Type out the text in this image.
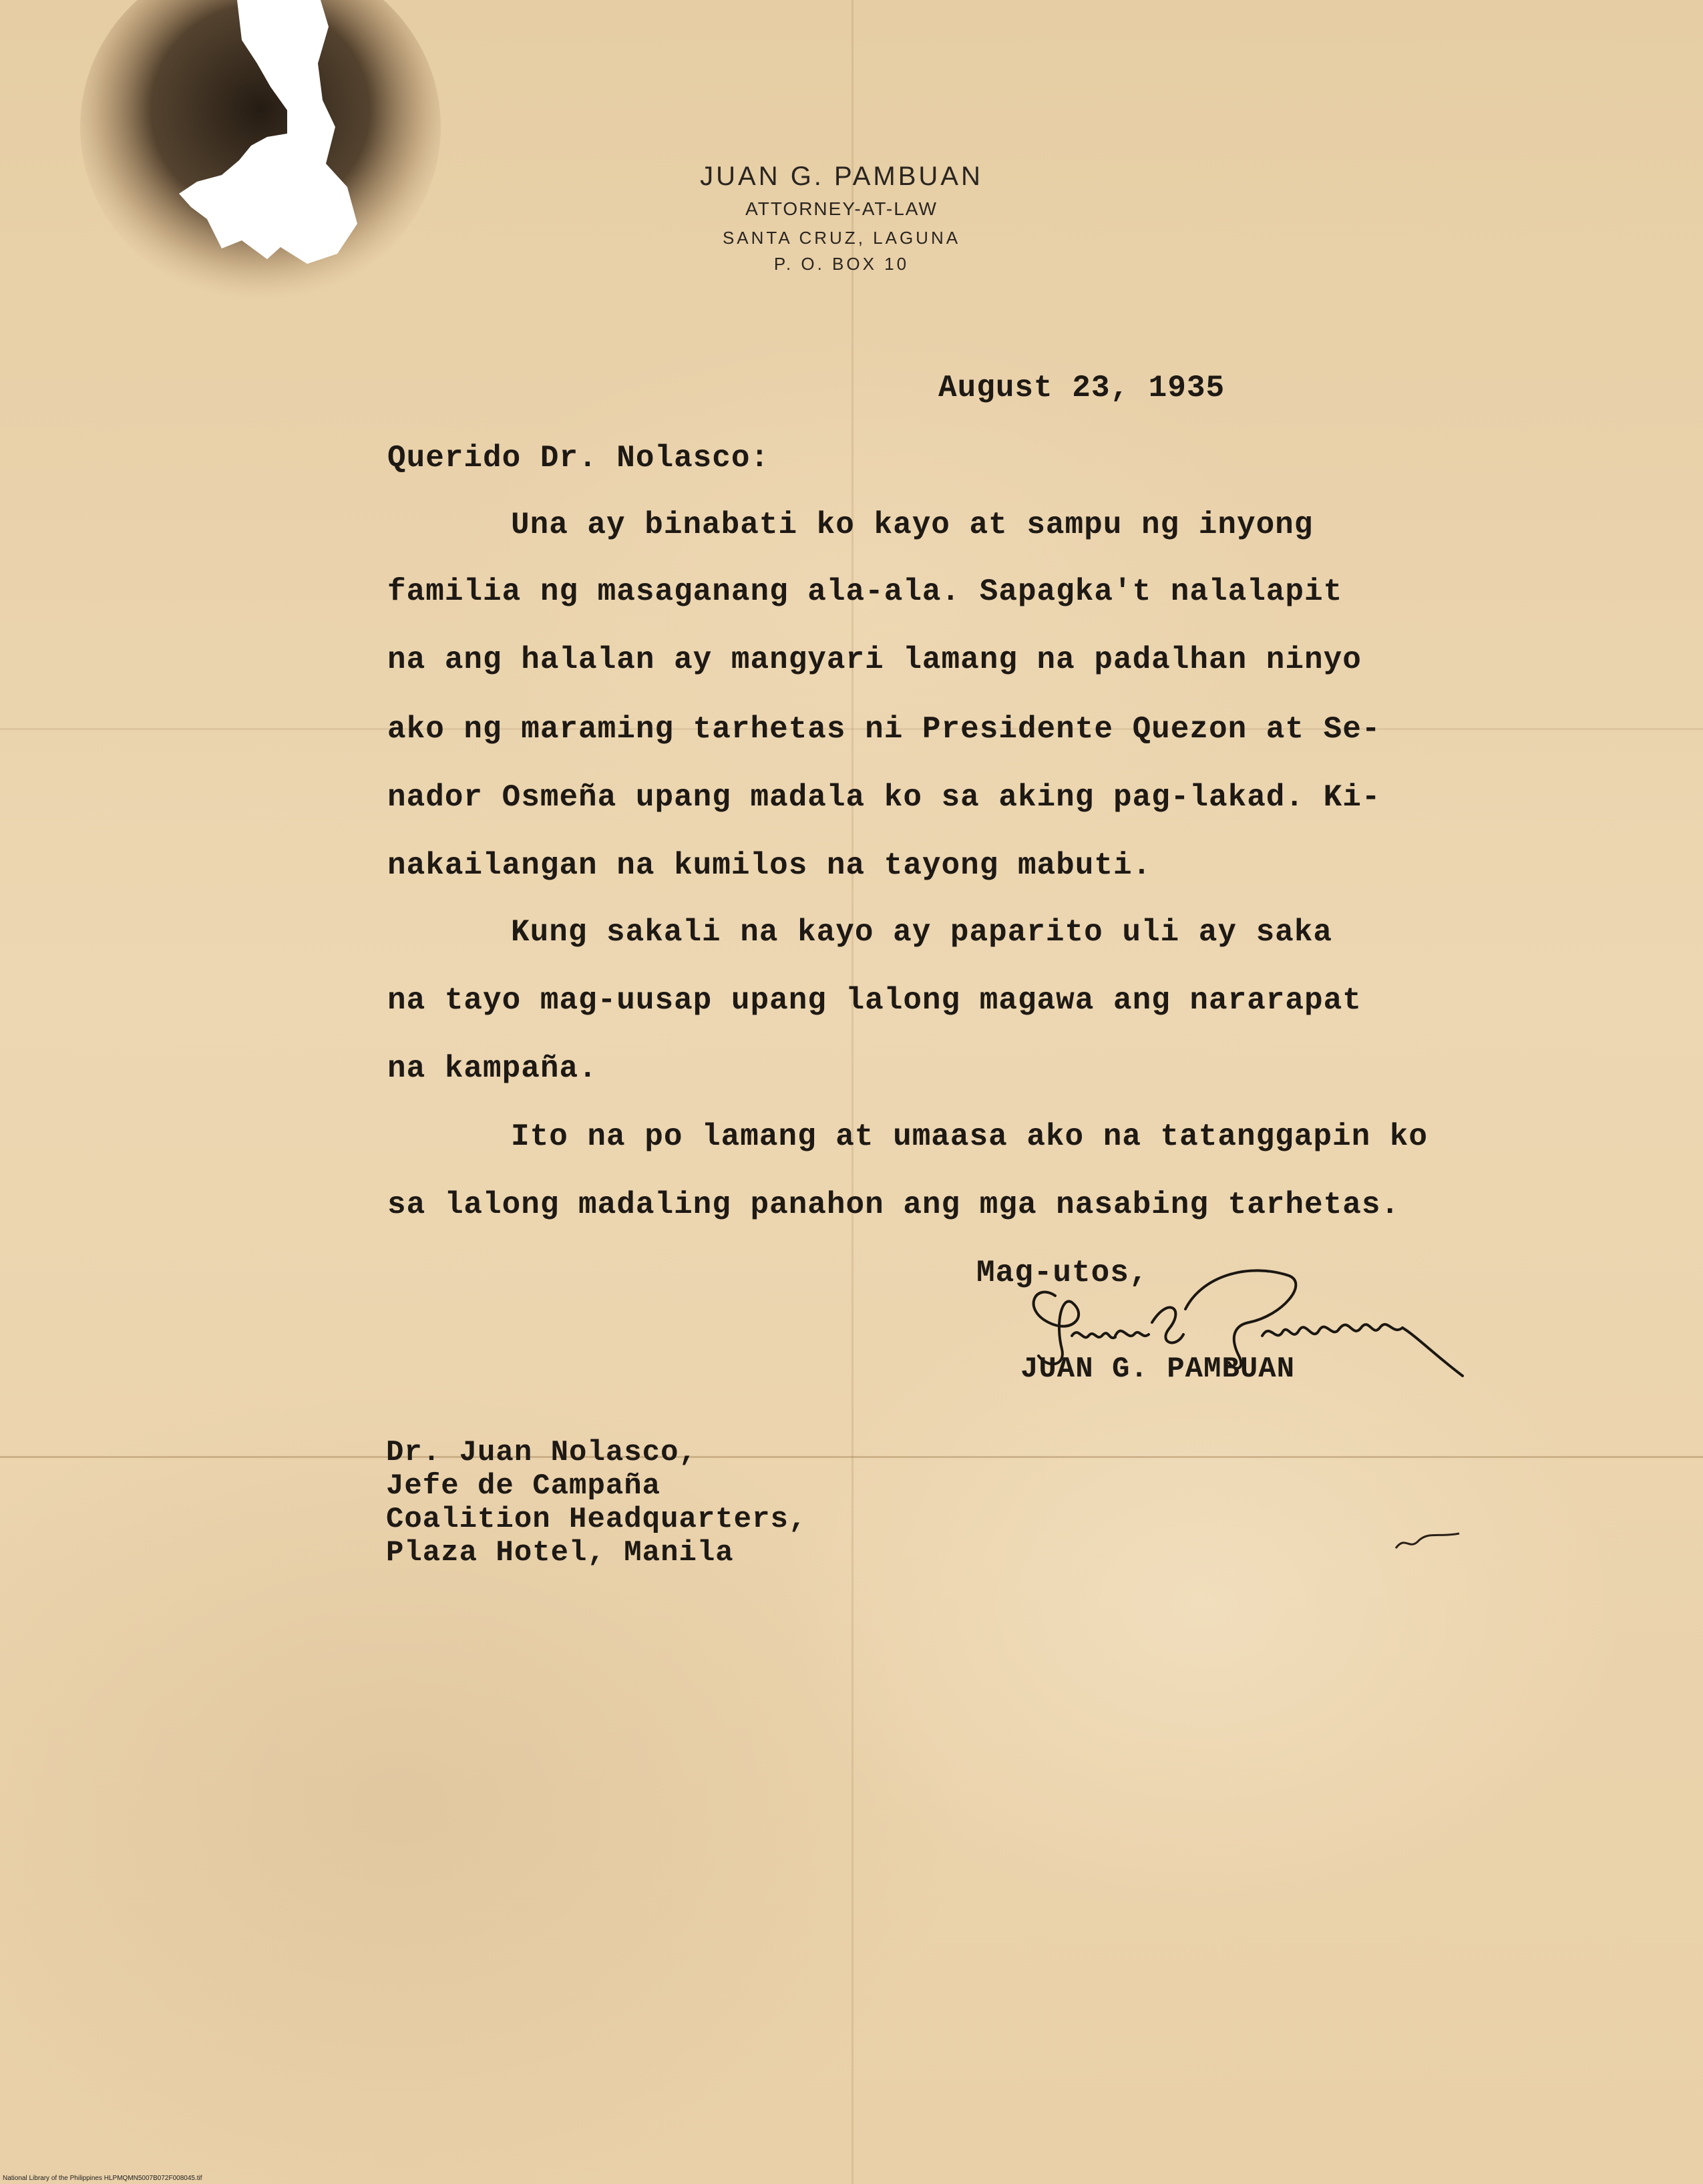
JUAN G. PAMBUAN
ATTORNEY-AT-LAW
SANTA CRUZ, LAGUNA
P. O. BOX 10
August 23, 1935
Querido Dr. Nolasco:
Una ay binabati ko kayo at sampu ng inyong
familia ng masaganang ala-ala. Sapagka't nalalapit
na ang halalan ay mangyari lamang na padalhan ninyo
ako ng maraming tarhetas ni Presidente Quezon at Se-
nador Osmeña upang madala ko sa aking pag-lakad. Ki-
nakailangan na kumilos na tayong mabuti.
Kung sakali na kayo ay paparito uli ay saka
na tayo mag-uusap upang lalong magawa ang nararapat
na kampaña.
Ito na po lamang at umaasa ako na tatanggapin ko
sa lalong madaling panahon ang mga nasabing tarhetas.
Mag-utos,
JUAN G. PAMBUAN
Dr. Juan Nolasco,
Jefe de Campaña
Coalition Headquarters,
Plaza Hotel, Manila
National Library of the Philippines HLPMQMN5007B072F008045.tif
